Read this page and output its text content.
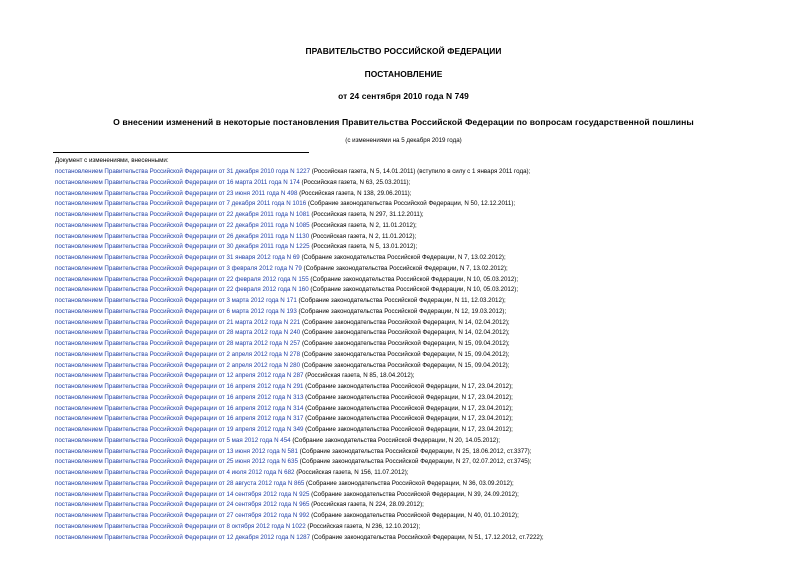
ПРАВИТЕЛЬСТВО РОССИЙСКОЙ ФЕДЕРАЦИИ
ПОСТАНОВЛЕНИЕ
от 24 сентября 2010 года N 749
О внесении изменений в некоторые постановления Правительства Российской Федерации по вопросам государственной пошлины
(с изменениями на 5 декабря 2019 года)
Документ с изменениями, внесенными:
постановлением Правительства Российской Федерации от 31 декабря 2010 года N 1227 (Российская газета, N 5, 14.01.2011) (вступило в силу с 1 января 2011 года);
постановлением Правительства Российской Федерации от 16 марта 2011 года N 174 (Российская газета, N 63, 25.03.2011);
постановлением Правительства Российской Федерации от 23 июня 2011 года N 498 (Российская газета, N 138, 29.06.2011);
постановлением Правительства Российской Федерации от 7 декабря 2011 года N 1016 (Собрание законодательства Российской Федерации, N 50, 12.12.2011);
постановлением Правительства Российской Федерации от 22 декабря 2011 года N 1081 (Российская газета, N 297, 31.12.2011);
постановлением Правительства Российской Федерации от 22 декабря 2011 года N 1085 (Российская газета, N 2, 11.01.2012);
постановлением Правительства Российской Федерации от 26 декабря 2011 года N 1130 (Российская газета, N 2, 11.01.2012);
постановлением Правительства Российской Федерации от 30 декабря 2011 года N 1225 (Российская газета, N 5, 13.01.2012);
постановлением Правительства Российской Федерации от 31 января 2012 года N 69 (Собрание законодательства Российской Федерации, N 7, 13.02.2012);
постановлением Правительства Российской Федерации от 3 февраля 2012 года N 79 (Собрание законодательства Российской Федерации, N 7, 13.02.2012);
постановлением Правительства Российской Федерации от 22 февраля 2012 года N 155 (Собрание законодательства Российской Федерации, N 10, 05.03.2012);
постановлением Правительства Российской Федерации от 22 февраля 2012 года N 160 (Собрание законодательства Российской Федерации, N 10, 05.03.2012);
постановлением Правительства Российской Федерации от 3 марта 2012 года N 171 (Собрание законодательства Российской Федерации, N 11, 12.03.2012);
постановлением Правительства Российской Федерации от 6 марта 2012 года N 193 (Собрание законодательства Российской Федерации, N 12, 19.03.2012);
постановлением Правительства Российской Федерации от 21 марта 2012 года N 221 (Собрание законодательства Российской Федерации, N 14, 02.04.2012);
постановлением Правительства Российской Федерации от 28 марта 2012 года N 240 (Собрание законодательства Российской Федерации, N 14, 02.04.2012);
постановлением Правительства Российской Федерации от 28 марта 2012 года N 257 (Собрание законодательства Российской Федерации, N 15, 09.04.2012);
постановлением Правительства Российской Федерации от 2 апреля 2012 года N 278 (Собрание законодательства Российской Федерации, N 15, 09.04.2012);
постановлением Правительства Российской Федерации от 2 апреля 2012 года N 280 (Собрание законодательства Российской Федерации, N 15, 09.04.2012);
постановлением Правительства Российской Федерации от 12 апреля 2012 года N 287 (Российская газета, N 85, 18.04.2012);
постановлением Правительства Российской Федерации от 16 апреля 2012 года N 291 (Собрание законодательства Российской Федерации, N 17, 23.04.2012);
постановлением Правительства Российской Федерации от 16 апреля 2012 года N 313 (Собрание законодательства Российской Федерации, N 17, 23.04.2012);
постановлением Правительства Российской Федерации от 16 апреля 2012 года N 314 (Собрание законодательства Российской Федерации, N 17, 23.04.2012);
постановлением Правительства Российской Федерации от 16 апреля 2012 года N 317 (Собрание законодательства Российской Федерации, N 17, 23.04.2012);
постановлением Правительства Российской Федерации от 19 апреля 2012 года N 349 (Собрание законодательства Российской Федерации, N 17, 23.04.2012);
постановлением Правительства Российской Федерации от 5 мая 2012 года N 454 (Собрание законодательства Российской Федерации, N 20, 14.05.2012);
постановлением Правительства Российской Федерации от 13 июня 2012 года N 581 (Собрание законодательства Российской Федерации, N 25, 18.06.2012, ст.3377);
постановлением Правительства Российской Федерации от 25 июня 2012 года N 635 (Собрание законодательства Российской Федерации, N 27, 02.07.2012, ст.3745);
постановлением Правительства Российской Федерации от 4 июля 2012 года N 682 (Российская газета, N 156, 11.07.2012);
постановлением Правительства Российской Федерации от 28 августа 2012 года N 865 (Собрание законодательства Российской Федерации, N 36, 03.09.2012);
постановлением Правительства Российской Федерации от 14 сентября 2012 года N 925 (Собрание законодательства Российской Федерации, N 39, 24.09.2012);
постановлением Правительства Российской Федерации от 24 сентября 2012 года N 965 (Российская газета, N 224, 28.09.2012);
постановлением Правительства Российской Федерации от 27 сентября 2012 года N 992 (Собрание законодательства Российской Федерации, N 40, 01.10.2012);
постановлением Правительства Российской Федерации от 8 октября 2012 года N 1022 (Российская газета, N 236, 12.10.2012);
постановлением Правительства Российской Федерации от 12 декабря 2012 года N 1287 (Собрание законодательства Российской Федерации, N 51, 17.12.2012, ст.7222);
